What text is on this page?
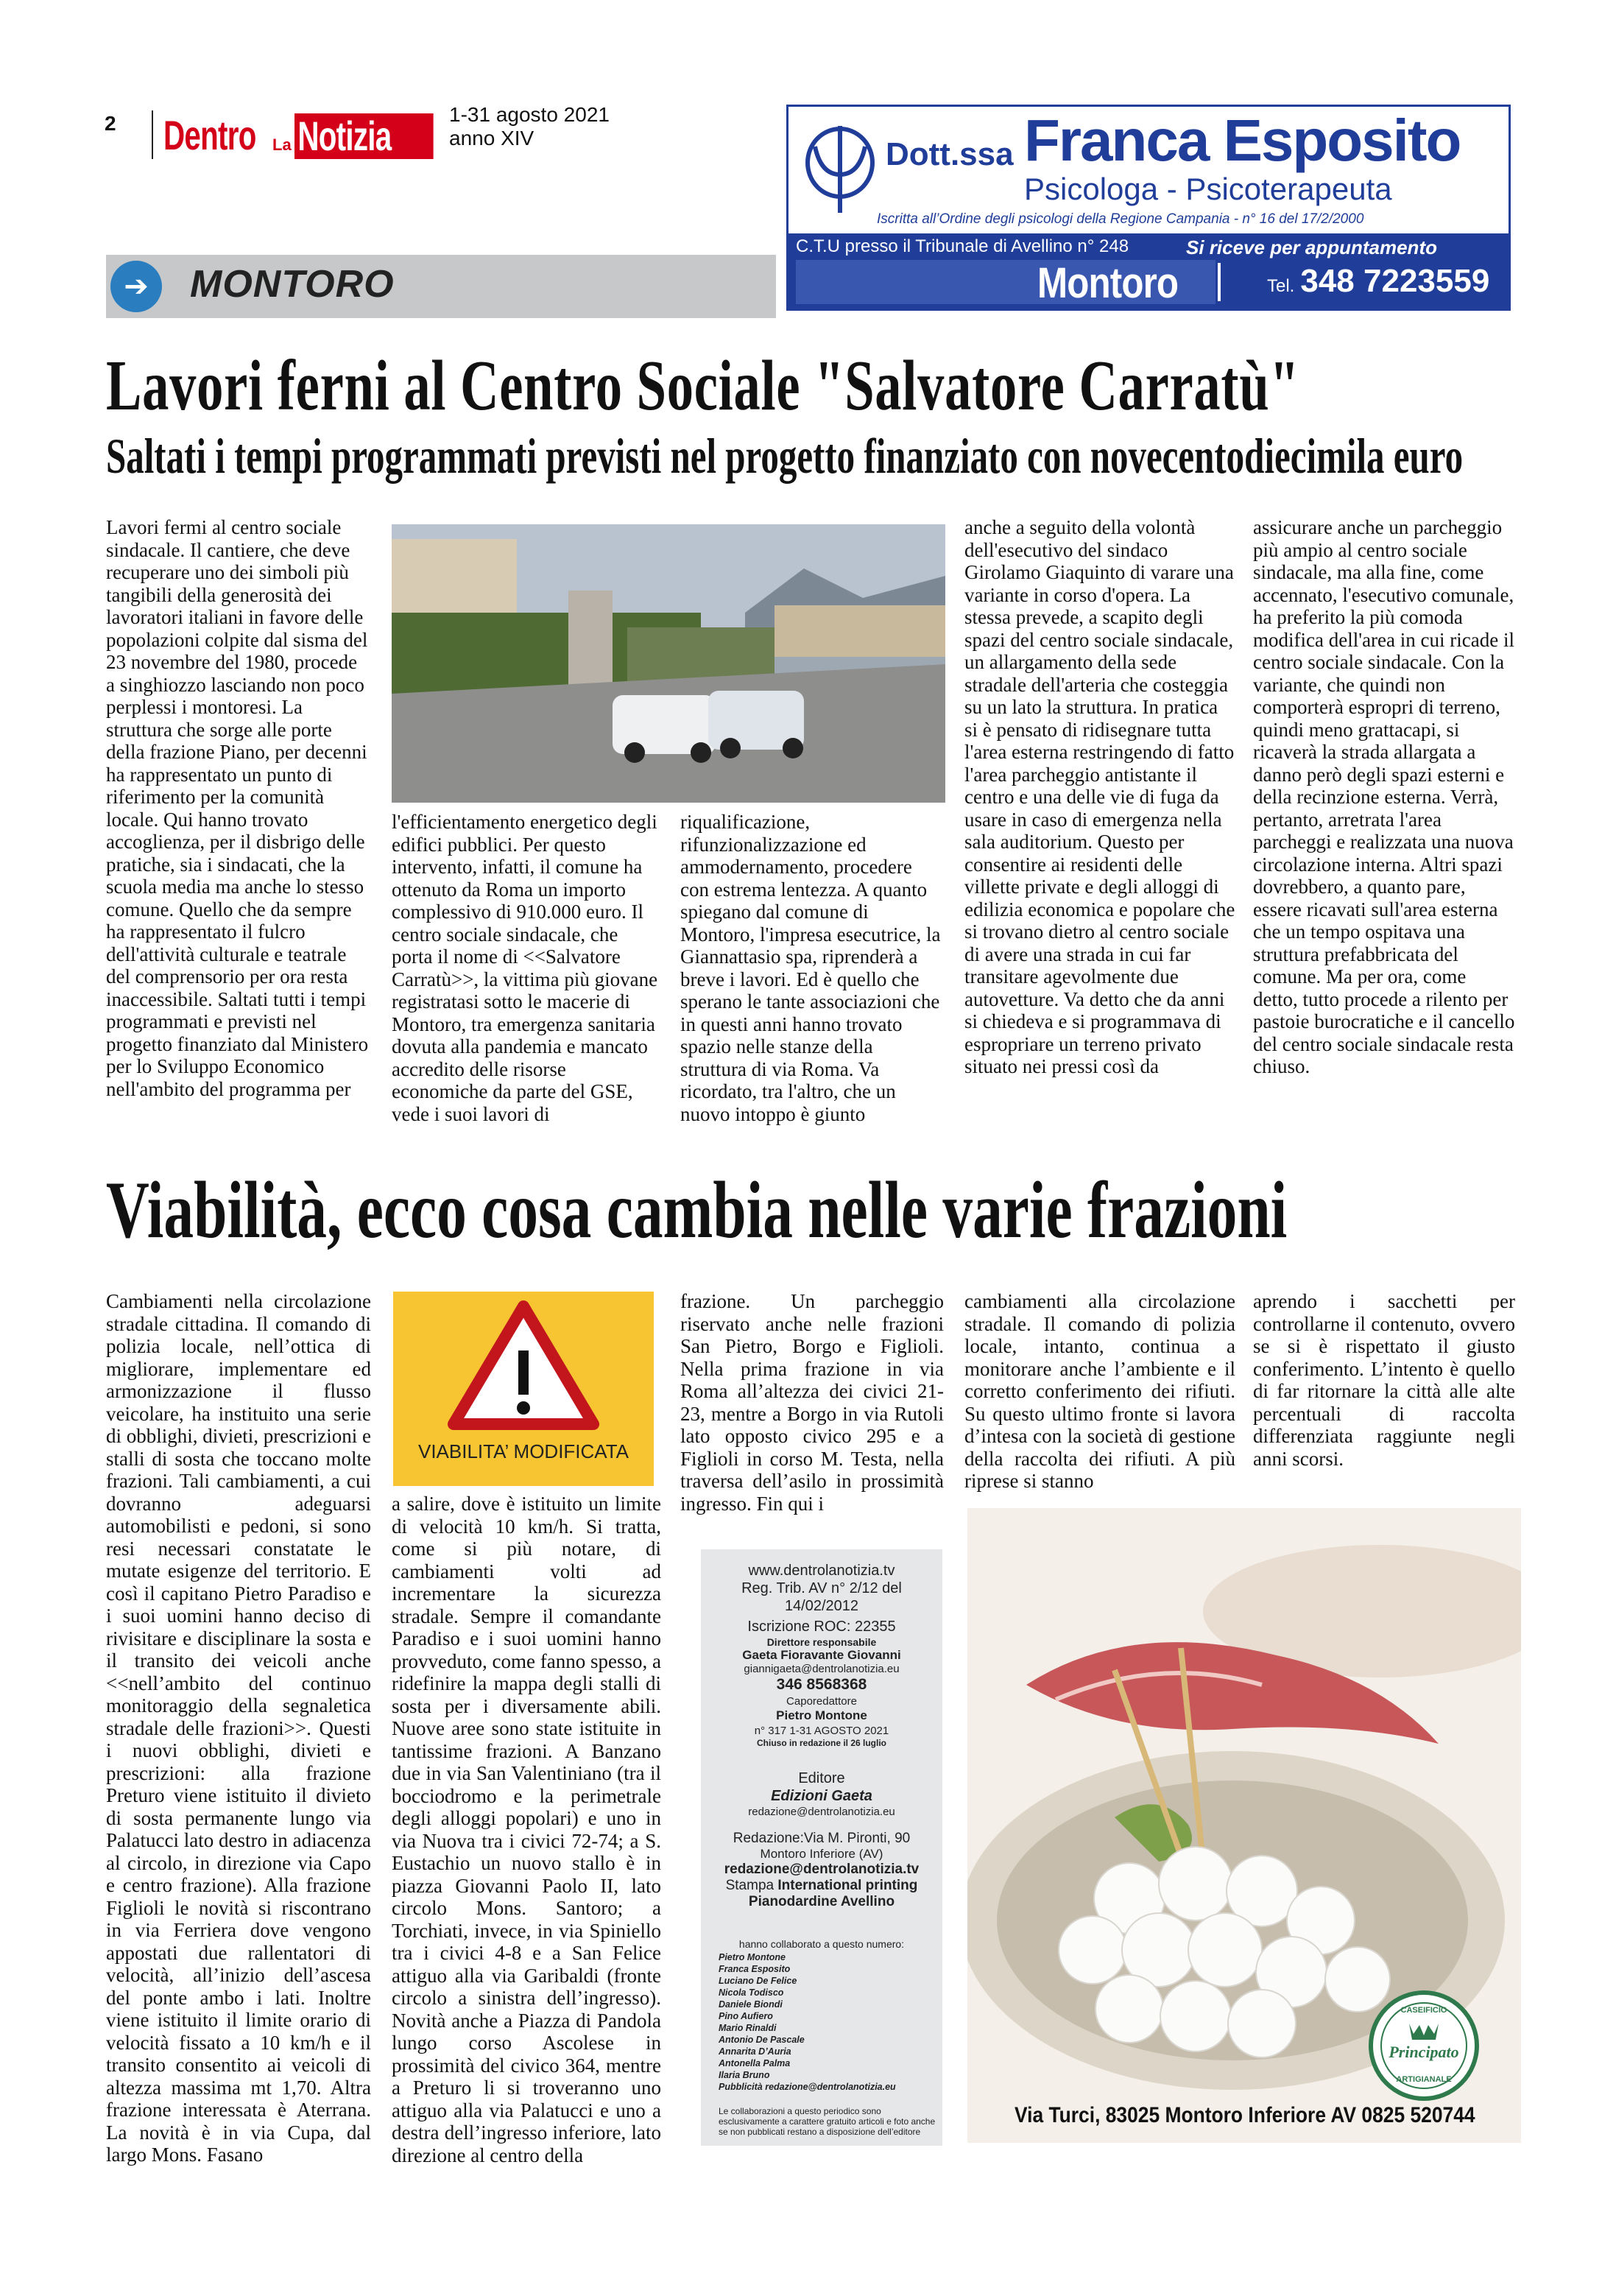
2 Dentro La Notizia	1-31 agosto 2021
anno XIV	Dott.ssa Franca Esposito
Psicologa - Psicoterapeuta
Iscritta all’Ordine degli psicologi della Regione Campania - n° 16 del 17/2/2000
C.T.U presso il Tribunale di Avellino n° 248	Si riceve per appuntamento
Montoro	Tel. 348 7223559
➔	MONTORO
Lavori ferni al Centro Sociale "Salvatore Carratù"
Saltati i tempi programmati previsti nel progetto finanziato con novecentodiecimila euro

Lavori fermi al centro sociale sindacale. Il cantiere, che deve recuperare uno dei simboli più tangibili della generosità dei lavoratori italiani in favore delle popolazioni colpite dal sisma del 23 novembre del 1980, procede a singhiozzo lasciando non poco perplessi i montoresi. La struttura che sorge alle porte della frazione Piano, per decenni ha rappresentato un punto di riferimento per la comunità locale. Qui hanno trovato accoglienza, per il disbrigo delle pratiche, sia i sindacati, che la scuola media ma anche lo stesso comune. Quello che da sempre ha rappresentato il fulcro dell'attività culturale e teatrale del comprensorio per ora resta inaccessibile. Saltati tutti i tempi programmati e previsti nel progetto finanziato dal Ministero per lo Sviluppo Economico nell'ambito del programma per

l'efficientamento energetico degli edifici pubblici. Per questo intervento, infatti, il comune ha ottenuto da Roma un importo complessivo di 910.000 euro. Il centro sociale sindacale, che porta il nome di <<Salvatore Carratù>>, la vittima più giovane registratasi sotto le macerie di Montoro, tra emergenza sanitaria dovuta alla pandemia e mancato accredito delle risorse economiche da parte del GSE, vede i suoi lavori di

riqualificazione, rifunzionalizzazione ed ammodernamento, procedere con estrema lentezza. A quanto spiegano dal comune di Montoro, l'impresa esecutrice, la Giannattasio spa, riprenderà a breve i lavori. Ed è quello che sperano le tante associazioni che in questi anni hanno trovato spazio nelle stanze della struttura di via Roma. Va ricordato, tra l'altro, che un nuovo intoppo è giunto

anche a seguito della volontà dell'esecutivo del sindaco Girolamo Giaquinto di varare una variante in corso d'opera. La stessa prevede, a scapito degli spazi del centro sociale sindacale, un allargamento della sede stradale dell'arteria che costeggia su un lato la struttura. In pratica si è pensato di ridisegnare tutta l'area esterna restringendo di fatto l'area parcheggio antistante il centro e una delle vie di fuga da usare in caso di emergenza nella sala auditorium. Questo per consentire ai residenti delle villette private e degli alloggi di edilizia economica e popolare che si trovano dietro al centro sociale di avere una strada in cui far transitare agevolmente due autovetture. Va detto che da anni si chiedeva e si programmava di espropriare un terreno privato situato nei pressi così da

assicurare anche un parcheggio più ampio al centro sociale sindacale, ma alla fine, come accennato, l'esecutivo comunale, ha preferito la più comoda modifica dell'area in cui ricade il centro sociale sindacale. Con la variante, che quindi non comporterà espropri di terreno, quindi meno grattacapi, si ricaverà la strada allargata a danno però degli spazi esterni e della recinzione esterna. Verrà, pertanto, arretrata l'area parcheggi e realizzata una nuova circolazione interna. Altri spazi dovrebbero, a quanto pare, essere ricavati sull'area esterna che un tempo ospitava una struttura prefabbricata del comune. Ma per ora, come detto, tutto procede a rilento per pastoie burocratiche e il cancello del centro sociale sindacale resta chiuso.

Viabilità, ecco cosa cambia nelle varie frazioni

Cambiamenti nella circolazione stradale cittadina. Il comando di polizia locale, nell’ottica di migliorare, implementare ed armonizzazione il flusso veicolare, ha instituito una serie di obblighi, divieti, prescrizioni e stalli di sosta che toccano molte frazioni. Tali cambiamenti, a cui dovranno adeguarsi automobilisti e pedoni, si sono resi necessari constatate le mutate esigenze del territorio. E così il capitano Pietro Paradiso e i suoi uomini hanno deciso di rivisitare e disciplinare la sosta e il transito dei veicoli anche <<nell’ambito del continuo monitoraggio della segnaletica stradale delle frazioni>>. Questi i nuovi obblighi, divieti e prescrizioni: alla frazione Preturo viene istituito il divieto di sosta permanente lungo via Palatucci lato destro in adiacenza al circolo, in direzione via Capo e centro frazione). Alla frazione Figlioli le novità si riscontrano in via Ferriera dove vengono appostati due rallentatori di velocità, all’inizio dell’ascesa del ponte ambo i lati. Inoltre viene istituito il limite orario di velocità fissato a 10 km/h e il transito consentito ai veicoli di altezza massima mt 1,70. Altra frazione interessata è Aterrana. La novità è in via Cupa, dal largo Mons. Fasano

VIABILITA’ MODIFICATA

a salire, dove è istituito un limite di velocità 10 km/h. Si tratta, come si più notare, di cambiamenti volti ad incrementare la sicurezza stradale. Sempre il comandante Paradiso e i suoi uomini hanno provveduto, come fanno spesso, a ridefinire la mappa degli stalli di sosta per i diversamente abili. Nuove aree sono state istituite in tantissime frazioni. A Banzano due in via San Valentiniano (tra il bocciodromo e la perimetrale degli alloggi popolari) e uno in via Nuova tra i civici 72-74; a S. Eustachio un nuovo stallo è in piazza Giovanni Paolo II, lato circolo Mons. Santoro; a Torchiati, invece, in via Spiniello tra i civici 4-8 e a San Felice attiguo alla via Garibaldi (fronte circolo a sinistra dell’ingresso). Novità anche a Piazza di Pandola lungo corso Ascolese in prossimità del civico 364, mentre a Preturo li si troveranno uno attiguo alla via Palatucci e uno a destra dell’ingresso inferiore, lato direzione al centro della

frazione. Un parcheggio riservato anche nelle frazioni San Pietro, Borgo e Figlioli. Nella prima frazione in via Roma all’altezza dei civici 21-23, mentre a Borgo in via Rutoli lato opposto civico 295 e a Figlioli in corso M. Testa, nella traversa dell’asilo in prossimità ingresso. Fin qui i

cambiamenti alla circolazione stradale. Il comando di polizia locale, intanto, continua a monitorare anche l’ambiente e il corretto conferimento dei rifiuti. Su questo ultimo fronte si lavora d’intesa con la società di gestione della raccolta dei rifiuti. A più riprese si stanno

aprendo i sacchetti per controllarne il contenuto, ovvero se si è rispettato il giusto conferimento. L’intento è quello di far ritornare la città alle alte percentuali di raccolta differenziata raggiunte negli anni scorsi.

www.dentrolanotizia.tv
Reg. Trib. AV n° 2/12 del
14/02/2012
Iscrizione ROC: 22355
Direttore responsabile
Gaeta Fioravante Giovanni
giannigaeta@dentrolanotizia.eu
346 8568368
Caporedattore
Pietro Montone
n° 317 1-31 AGOSTO 2021
Chiuso in redazione il 26 luglio
Editore
Edizioni Gaeta
redazione@dentrolanotizia.eu
Redazione:Via M. Pironti, 90
Montoro Inferiore (AV)
redazione@dentrolanotizia.tv
Stampa International printing
Pianodardine Avellino
hanno collaborato a questo numero:
Pietro Montone
Franca Esposito
Luciano De Felice
Nicola Todisco
Daniele Biondi
Pino Aufiero
Mario Rinaldi
Antonio De Pascale
Annarita D’Auria
Antonella Palma
Ilaria Bruno
Pubblicità redazione@dentrolanotizia.eu
Le collaborazioni a questo periodico sono esclusivamente a carattere gratuito articoli e foto anche se non pubblicati restano a disposizione dell’editore
CASEIFICIO
Principato
ARTIGIANALE
Via Turci, 83025 Montoro Inferiore AV 0825 520744
